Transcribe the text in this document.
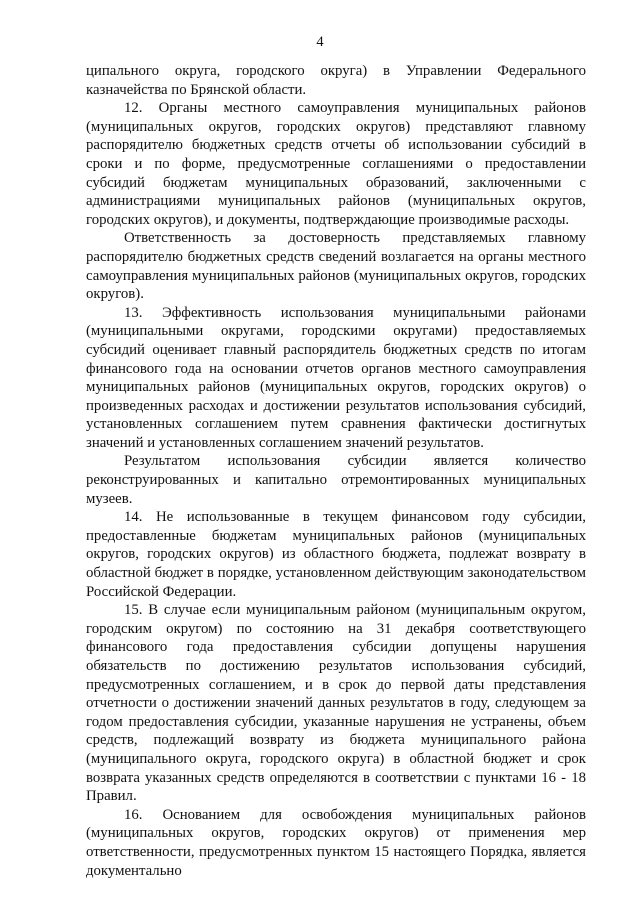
4

ципального округа, городского округа) в Управлении Федерального казначейства по Брянской области.

12. Органы местного самоуправления муниципальных районов (муниципальных округов, городских округов) представляют главному распорядителю бюджетных средств отчеты об использовании субсидий в сроки и по форме, предусмотренные соглашениями о предоставлении субсидий бюджетам муниципальных образований, заключенными с администрациями муниципальных районов (муниципальных округов, городских округов), и документы, подтверждающие производимые расходы.

Ответственность за достоверность представляемых главному распорядителю бюджетных средств сведений возлагается на органы местного самоуправления муниципальных районов (муниципальных округов, городских округов).

13. Эффективность использования муниципальными районами (муниципальными округами, городскими округами) предоставляемых субсидий оценивает главный распорядитель бюджетных средств по итогам финансового года на основании отчетов органов местного самоуправления муниципальных районов (муниципальных округов, городских округов) о произведенных расходах и достижении результатов использования субсидий, установленных соглашением путем сравнения фактически достигнутых значений и установленных соглашением значений результатов.

Результатом использования субсидии является количество реконструированных и капитально отремонтированных муниципальных музеев.

14. Не использованные в текущем финансовом году субсидии, предоставленные бюджетам муниципальных районов (муниципальных округов, городских округов) из областного бюджета, подлежат возврату в областной бюджет в порядке, установленном действующим законодательством Российской Федерации.

15. В случае если муниципальным районом (муниципальным округом, городским округом) по состоянию на 31 декабря соответствующего финансового года предоставления субсидии допущены нарушения обязательств по достижению результатов использования субсидий, предусмотренных соглашением, и в срок до первой даты представления отчетности о достижении значений данных результатов в году, следующем за годом предоставления субсидии, указанные нарушения не устранены, объем средств, подлежащий возврату из бюджета муниципального района (муниципального округа, городского округа) в областной бюджет и срок возврата указанных средств определяются в соответствии с пунктами 16 - 18 Правил.

16. Основанием для освобождения муниципальных районов (муниципальных округов, городских округов) от применения мер ответственности, предусмотренных пунктом 15 настоящего Порядка, является документально
